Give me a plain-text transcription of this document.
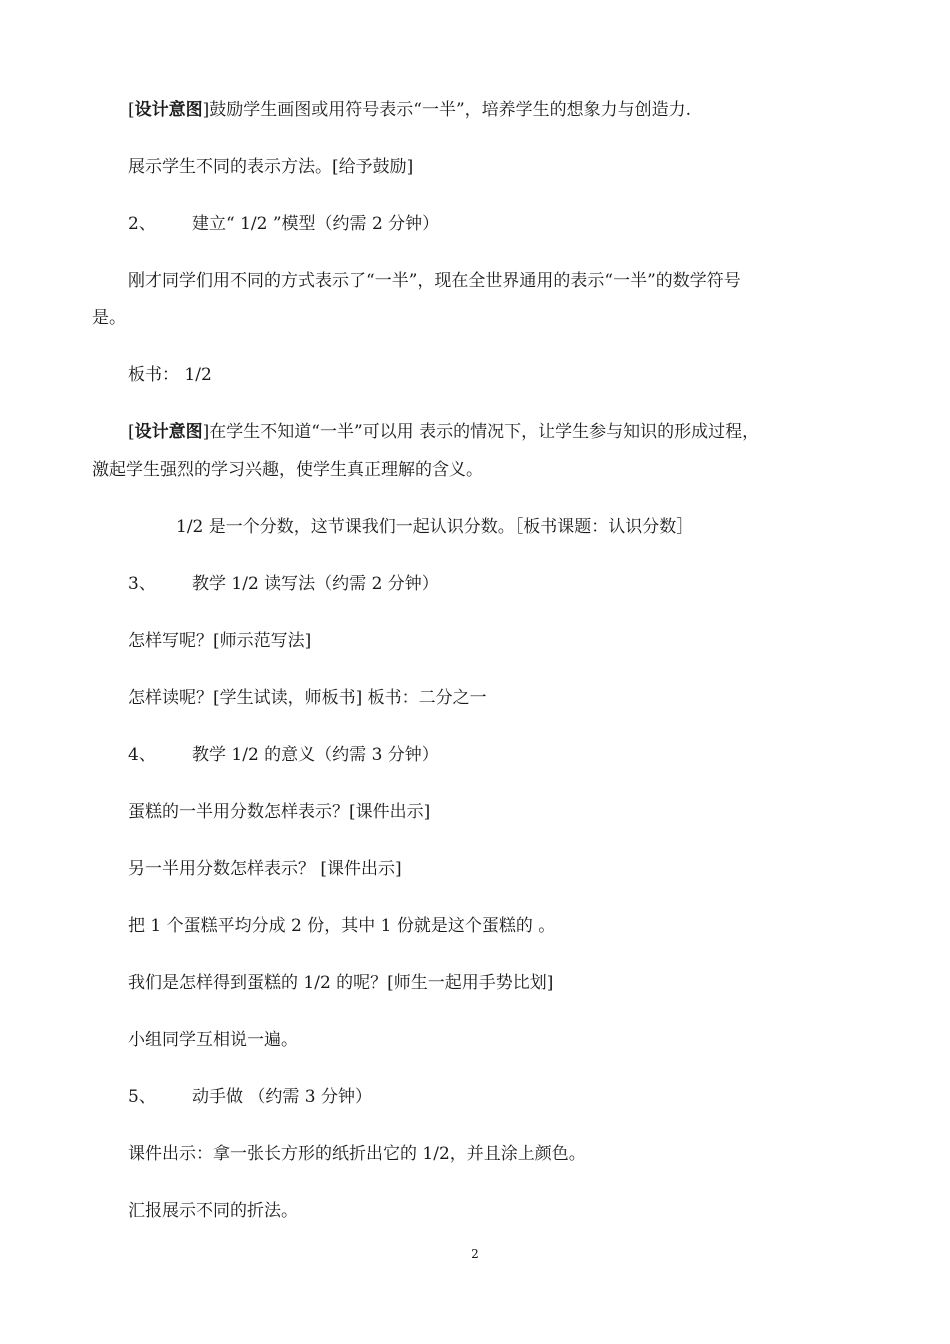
[设计意图]鼓励学生画图或用符号表示“一半”，培养学生的想象力与创造力.
展示学生不同的表示方法。[给予鼓励]
2、 建立“ 1/2 ”模型（约需 2 分钟）
刚才同学们用不同的方式表示了“一半”，现在全世界通用的表示“一半”的数学符号
是。
板书： 1/2
[设计意图]在学生不知道“一半”可以用 表示的情况下，让学生参与知识的形成过程，
激起学生强烈的学习兴趣，使学生真正理解的含义。
1/2 是一个分数，这节课我们一起认识分数。［板书课题：认识分数］
3、 教学 1/2 读写法（约需 2 分钟）
怎样写呢？[师示范写法]
怎样读呢？[学生试读，师板书] 板书：二分之一
4、 教学 1/2 的意义（约需 3 分钟）
蛋糕的一半用分数怎样表示？[课件出示]
另一半用分数怎样表示？ [课件出示]
把 1 个蛋糕平均分成 2 份，其中 1 份就是这个蛋糕的 。
我们是怎样得到蛋糕的 1/2 的呢？[师生一起用手势比划]
小组同学互相说一遍。
5、 动手做 （约需 3 分钟）
课件出示：拿一张长方形的纸折出它的 1/2，并且涂上颜色。
汇报展示不同的折法。
2
